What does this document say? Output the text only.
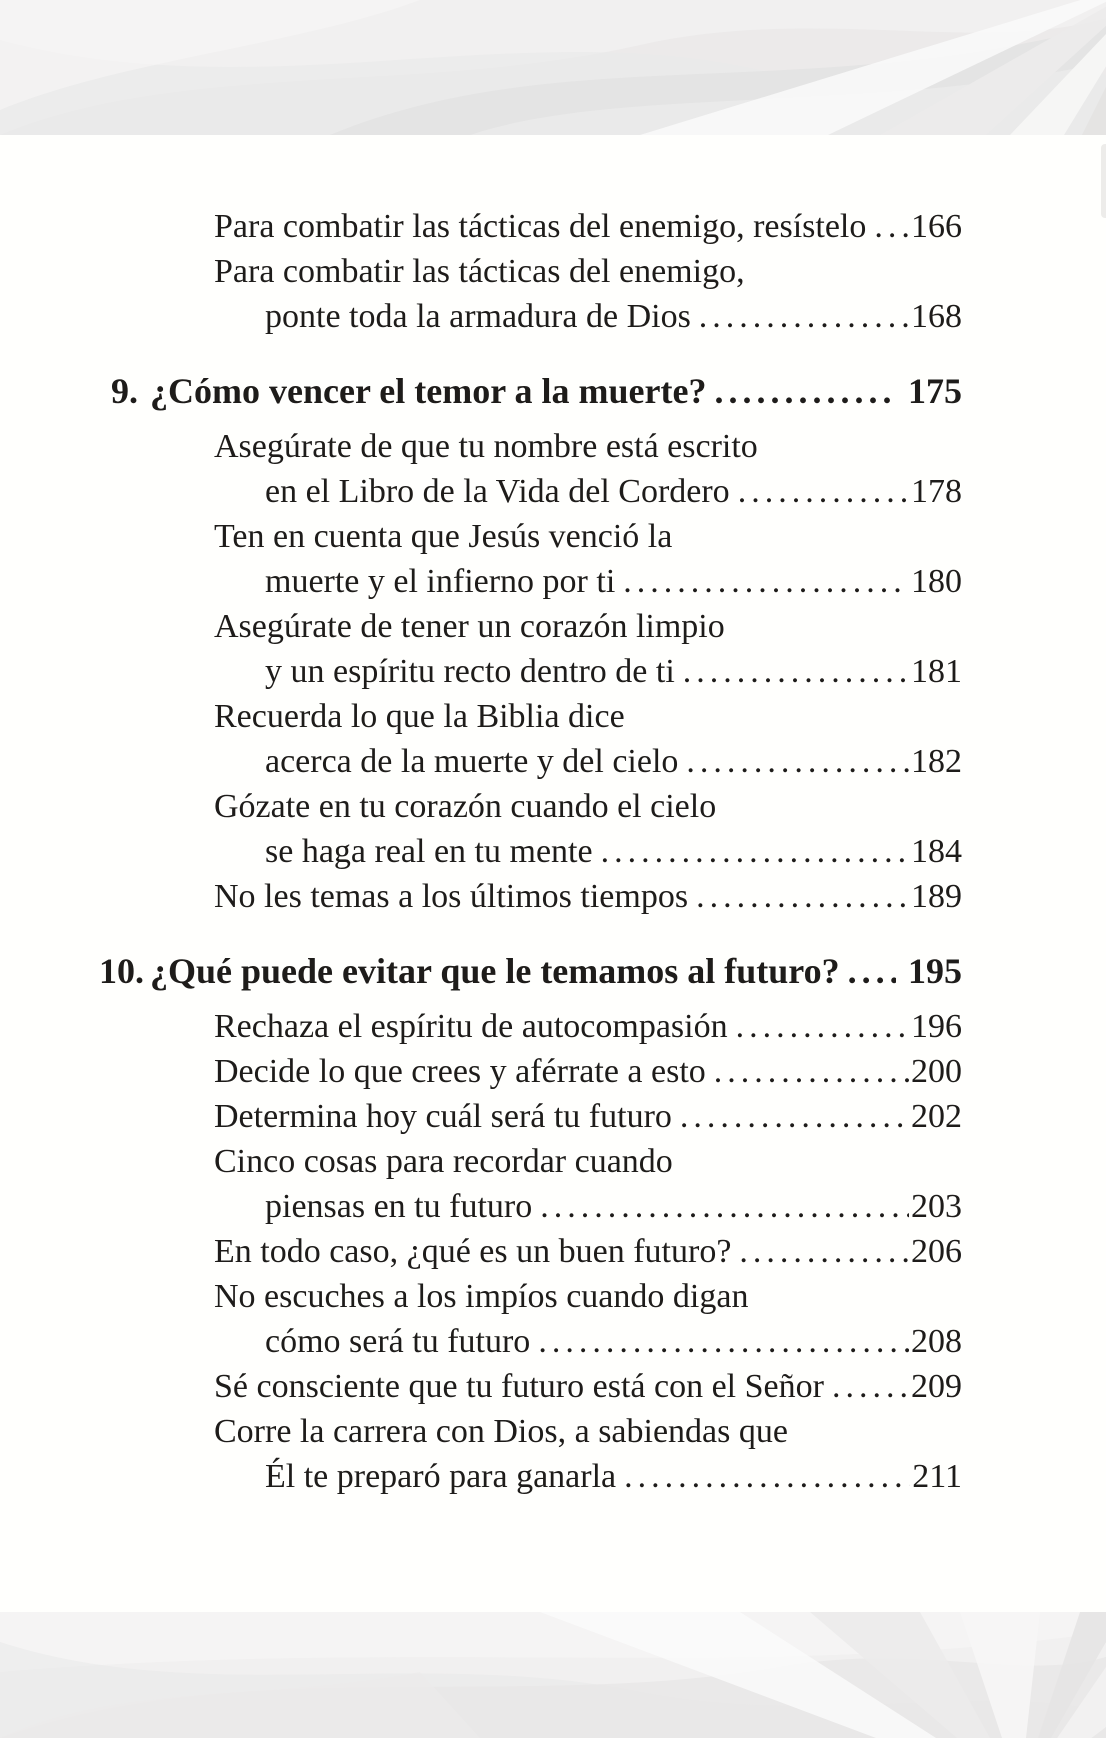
Para combatir las tácticas del enemigo, resístelo ..... 166
Para combatir las tácticas del enemigo,
ponte toda la armadura de Dios .....	168
9. ¿Cómo vencer el temor a la muerte? .....	175
Asegúrate de que tu nombre está escrito
en el Libro de la Vida del Cordero .....	178
Ten en cuenta que Jesús venció la
muerte y el infierno por ti .....	180
Asegúrate de tener un corazón limpio
y un espíritu recto dentro de ti .....	181
Recuerda lo que la Biblia dice
acerca de la muerte y del cielo .....	182
Gózate en tu corazón cuando el cielo
se haga real en tu mente .....	184
No les temas a los últimos tiempos .....	189
10. ¿Qué puede evitar que le temamos al futuro? ..... 195
Rechaza el espíritu de autocompasión .....	196
Decide lo que crees y aférrate a esto .....	200
Determina hoy cuál será tu futuro .....	202
Cinco cosas para recordar cuando
piensas en tu futuro .....	203
En todo caso, ¿qué es un buen futuro? .....	206
No escuches a los impíos cuando digan
cómo será tu futuro .....	208
Sé consciente que tu futuro está con el Señor .....	209
Corre la carrera con Dios, a sabiendas que
Él te preparó para ganarla .....	211
